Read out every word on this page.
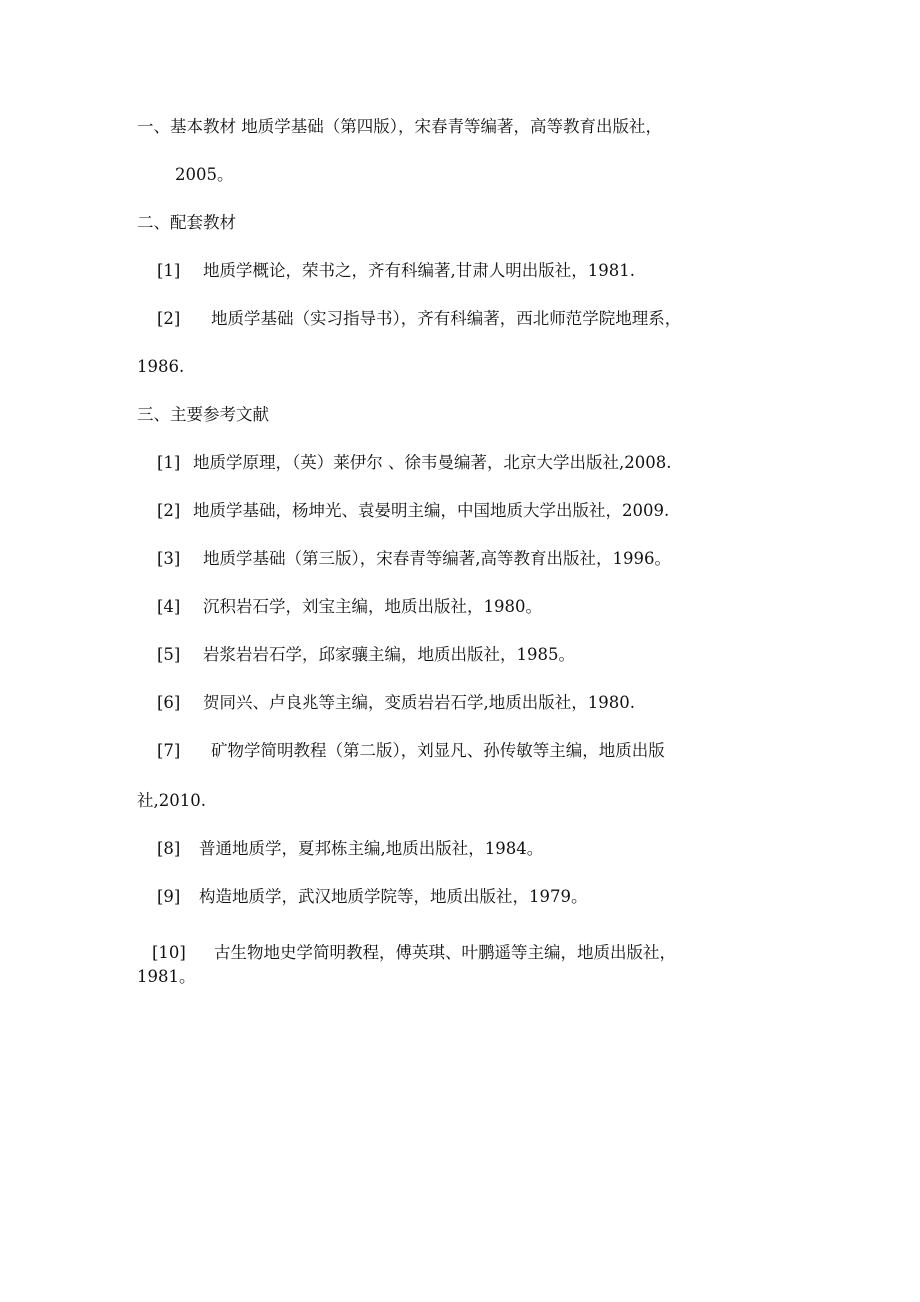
一、基本教材 地质学基础（第四版），宋春青等编著，高等教育出版社，

2005。

二、配套教材

[1] 地质学概论，荣书之，齐有科编著,甘肃人明出版社，1981.

[2] 地质学基础（实习指导书），齐有科编著，西北师范学院地理系，

1986.

三、主要参考文献

[1] 地质学原理，（英）莱伊尔 、徐韦曼编著，北京大学出版社,2008.

[2] 地质学基础，杨坤光、袁晏明主编，中国地质大学出版社，2009.

[3] 地质学基础（第三版），宋春青等编著,高等教育出版社，1996。

[4] 沉积岩石学，刘宝主编，地质出版社，1980。

[5] 岩浆岩岩石学，邱家骧主编，地质出版社，1985。

[6] 贺同兴、卢良兆等主编，变质岩岩石学,地质出版社，1980.

[7] 矿物学简明教程（第二版），刘显凡、孙传敏等主编，地质出版

社,2010.

[8] 普通地质学，夏邦栋主编,地质出版社，1984。

[9] 构造地质学，武汉地质学院等，地质出版社，1979。

[10] 古生物地史学简明教程，傅英琪、叶鹏遥等主编，地质出版社，

1981。
